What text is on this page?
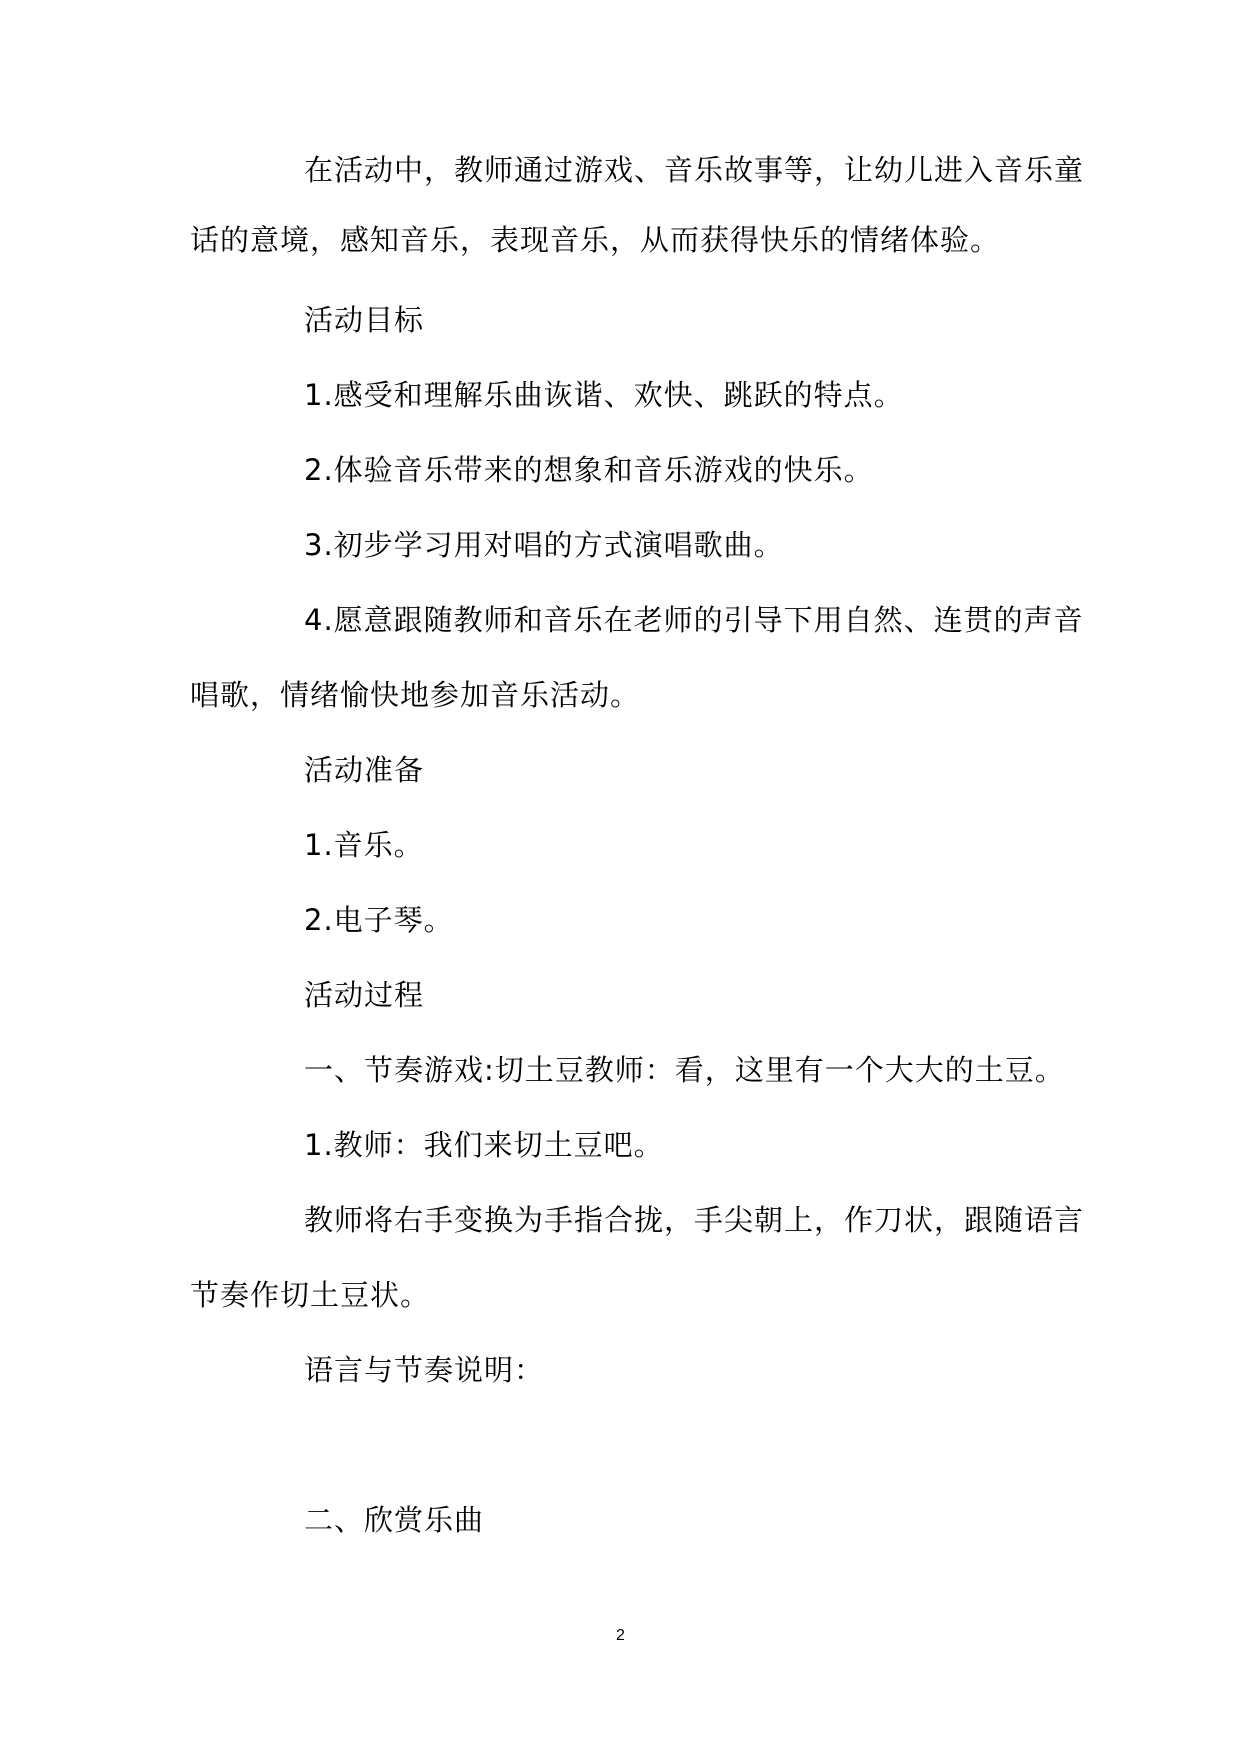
在活动中，教师通过游戏、音乐故事等，让幼儿进入音乐童
话的意境，感知音乐，表现音乐，从而获得快乐的情绪体验。
活动目标
1.感受和理解乐曲诙谐、欢快、跳跃的特点。
2.体验音乐带来的想象和音乐游戏的快乐。
3.初步学习用对唱的方式演唱歌曲。
4.愿意跟随教师和音乐在老师的引导下用自然、连贯的声音
唱歌，情绪愉快地参加音乐活动。
活动准备
1.音乐。
2.电子琴。
活动过程
一、节奏游戏:切土豆教师：看，这里有一个大大的土豆。
1.教师：我们来切土豆吧。
教师将右手变换为手指合拢，手尖朝上，作刀状，跟随语言
节奏作切土豆状。
语言与节奏说明：
二、欣赏乐曲
2
